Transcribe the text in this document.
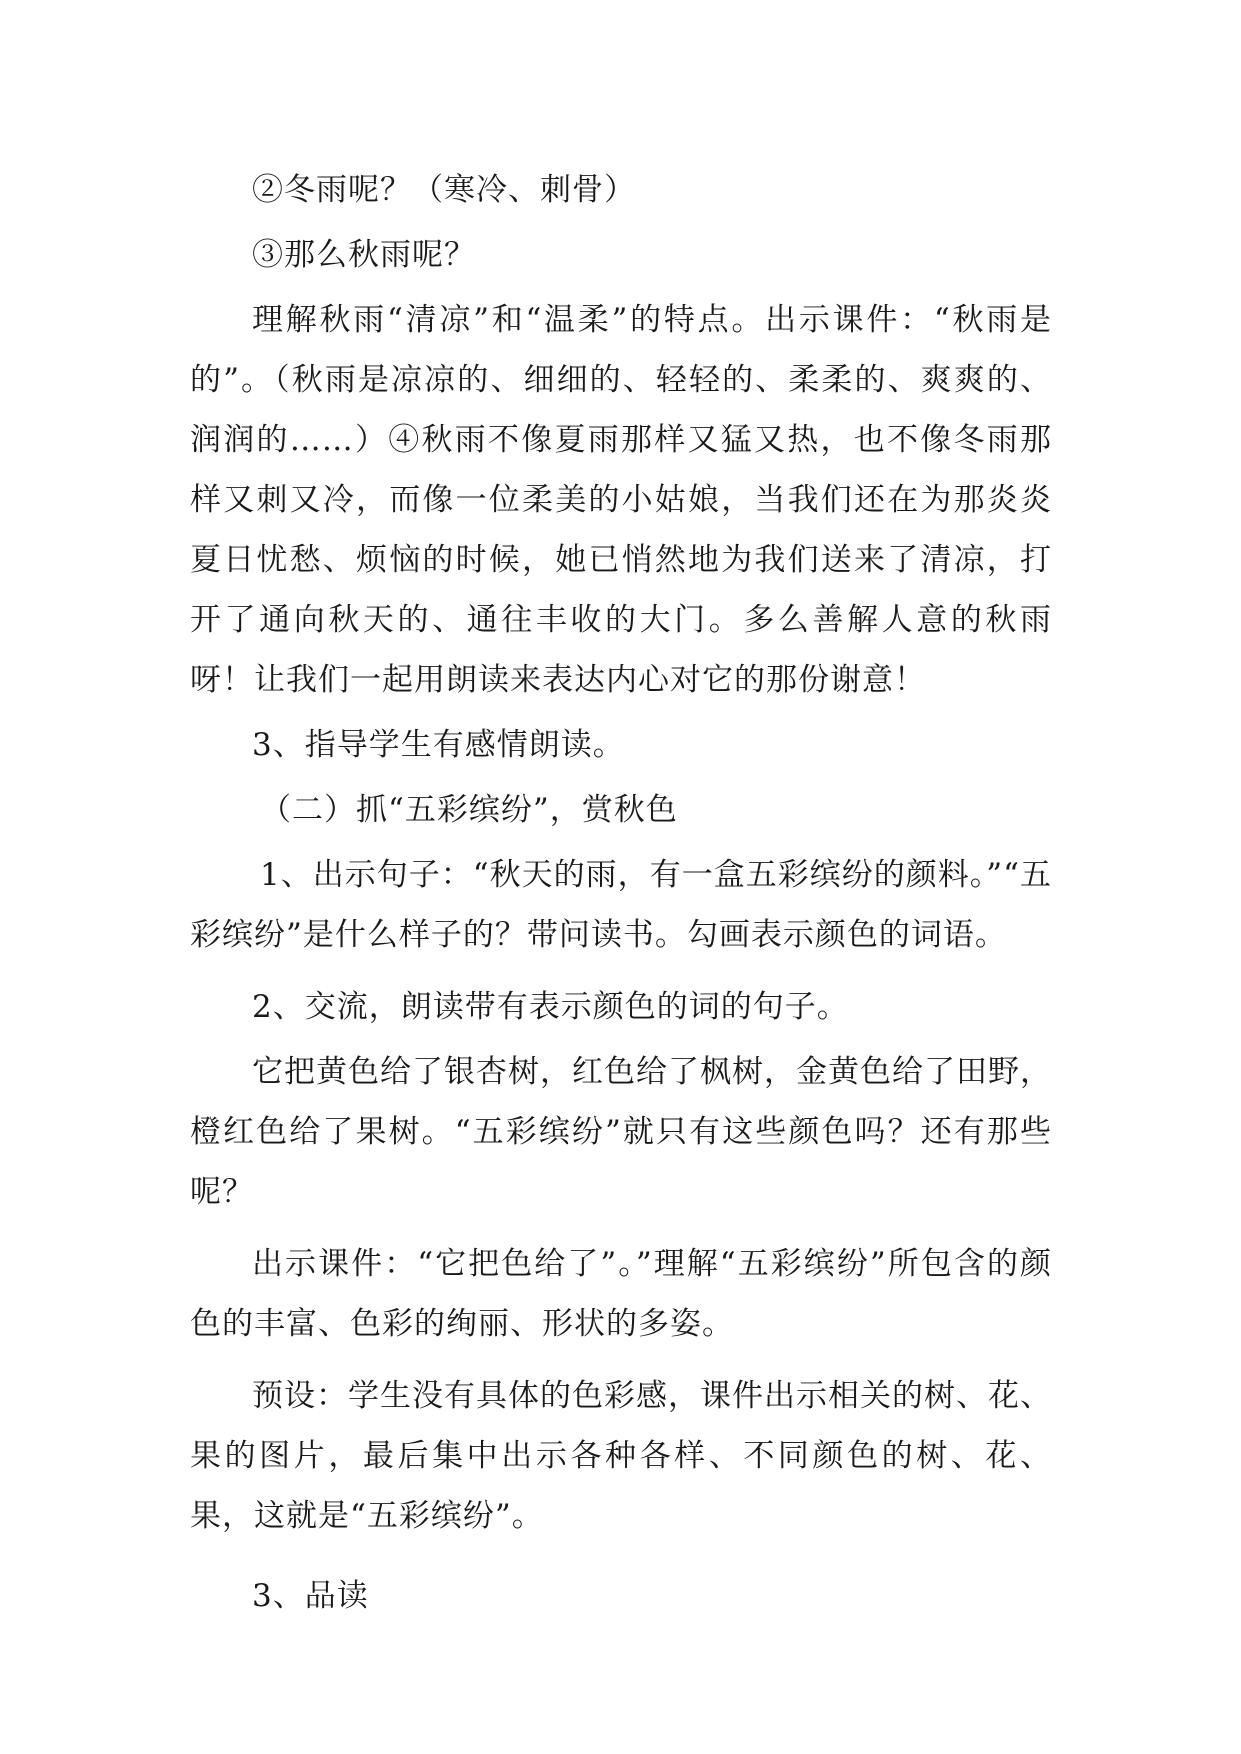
②冬雨呢？（寒冷、刺骨）

③那么秋雨呢？

理解秋雨“清凉”和“温柔”的特点。出示课件：“秋雨是的”。（秋雨是凉凉的、细细的、轻轻的、柔柔的、爽爽的、润润的……）④秋雨不像夏雨那样又猛又热，也不像冬雨那样又刺又冷，而像一位柔美的小姑娘，当我们还在为那炎炎夏日忧愁、烦恼的时候，她已悄然地为我们送来了清凉，打开了通向秋天的、通往丰收的大门。多么善解人意的秋雨呀！让我们一起用朗读来表达内心对它的那份谢意！

3、指导学生有感情朗读。

（二）抓“五彩缤纷”，赏秋色

1、出示句子：“秋天的雨，有一盒五彩缤纷的颜料。”“五彩缤纷”是什么样子的？带问读书。勾画表示颜色的词语。

2、交流，朗读带有表示颜色的词的句子。

它把黄色给了银杏树，红色给了枫树，金黄色给了田野，橙红色给了果树。“五彩缤纷”就只有这些颜色吗？还有那些呢？

出示课件：“它把色给了”。”理解“五彩缤纷”所包含的颜色的丰富、色彩的绚丽、形状的多姿。

预设：学生没有具体的色彩感，课件出示相关的树、花、果的图片，最后集中出示各种各样、不同颜色的树、花、果，这就是“五彩缤纷”。

3、品读
